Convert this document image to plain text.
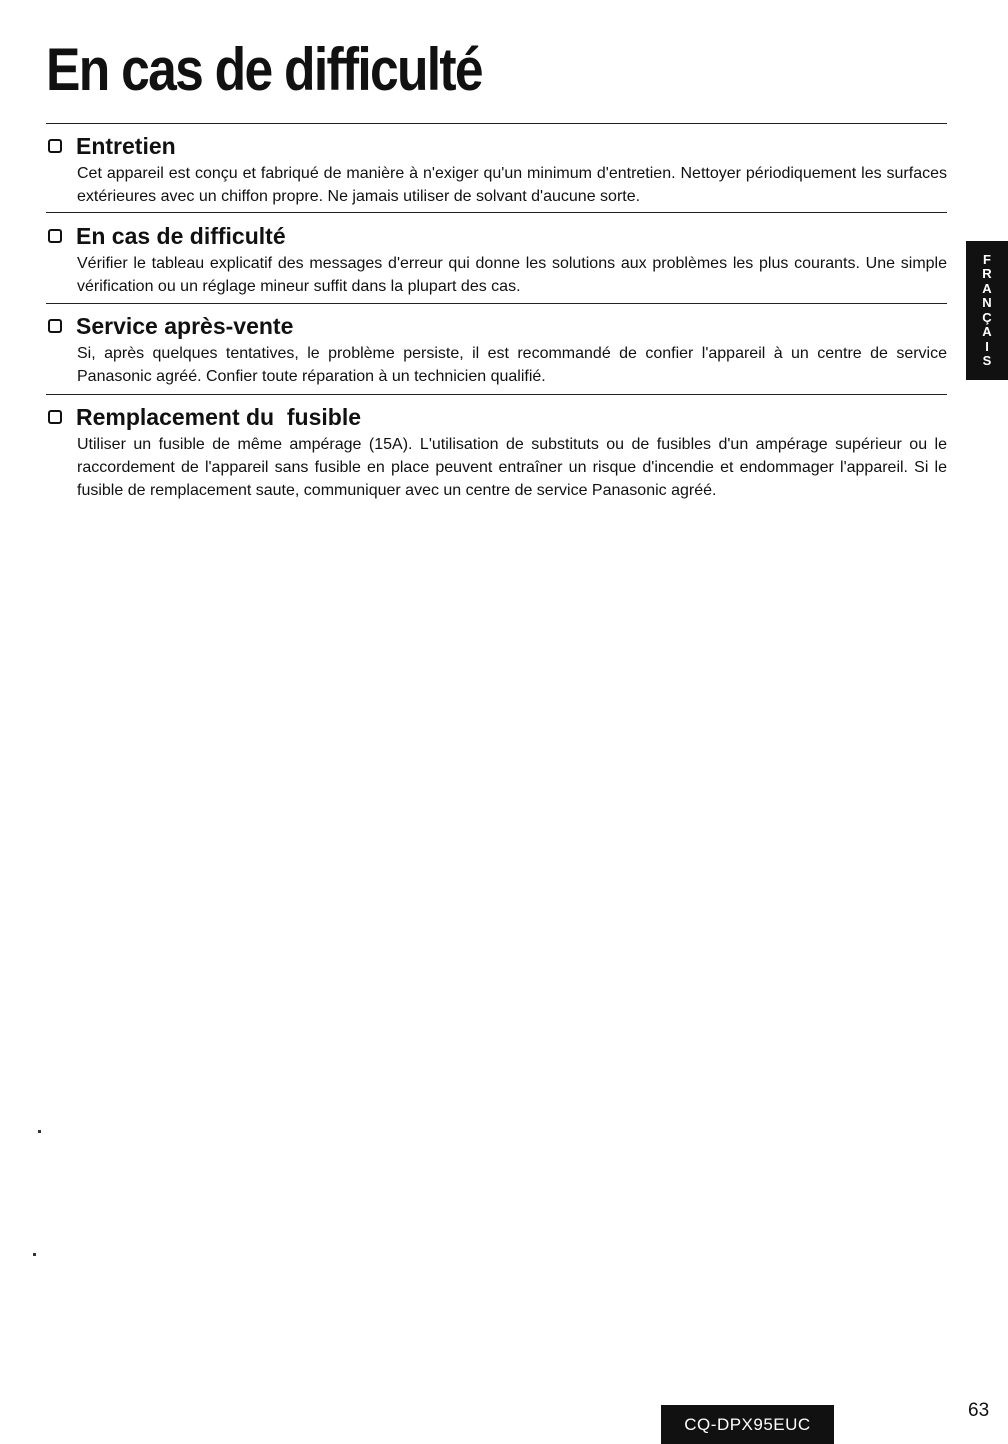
En cas de difficulté
Entretien
Cet appareil est conçu et fabriqué de manière à n'exiger qu'un minimum d'entretien. Nettoyer périodiquement les surfaces extérieures avec un chiffon propre. Ne jamais utiliser de solvant d'aucune sorte.
En cas de difficulté
Vérifier le tableau explicatif des messages d'erreur qui donne les solutions aux problèmes les plus courants. Une simple vérification ou un réglage mineur suffit dans la plupart des cas.
Service après-vente
Si, après quelques tentatives, le problème persiste, il est recommandé de confier l'appareil à un centre de service Panasonic agréé. Confier toute réparation à un technicien qualifié.
Remplacement du  fusible
Utiliser un fusible de même ampérage (15A). L'utilisation de substituts ou de fusibles d'un ampérage supérieur ou le raccordement de l'appareil sans fusible en place peuvent entraîner un risque d'incendie et endommager l'appareil. Si le fusible de remplacement saute, communiquer avec un centre de service Panasonic agréé.
F
R
A
N
Ç
A
I
S
CQ-DPX95EUC
63
